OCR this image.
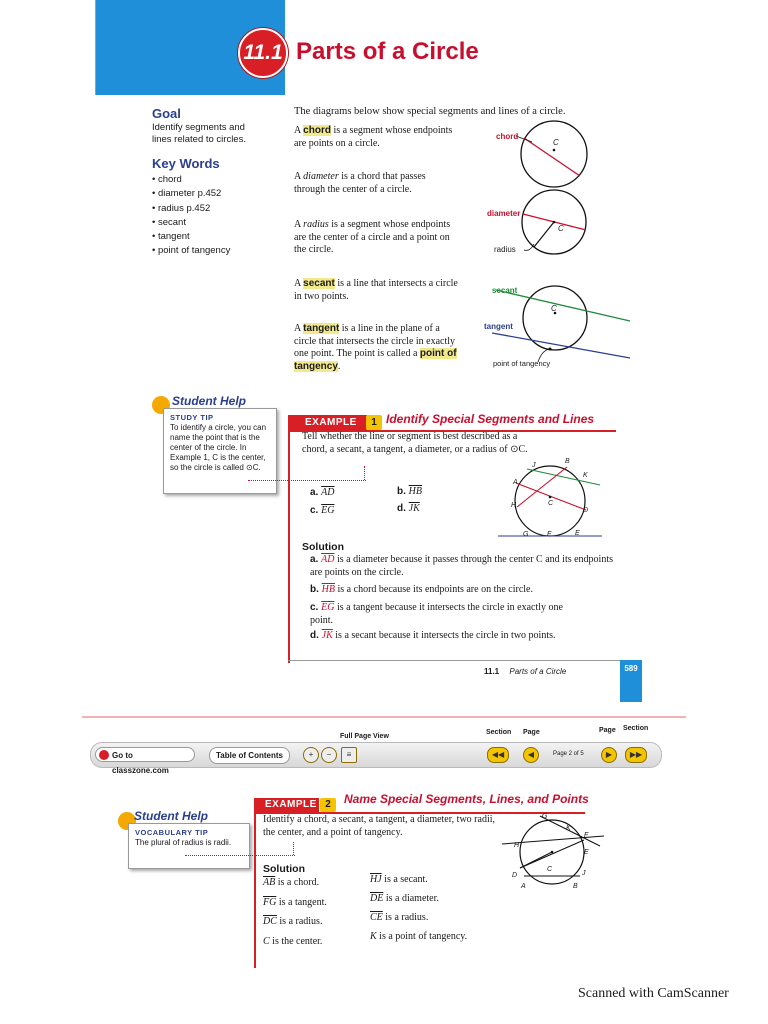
11.1 Parts of a Circle
Goal
Identify segments and lines related to circles.
Key Words
• chord
• diameter p.452
• radius p.452
• secant
• tangent
• point of tangency
The diagrams below show special segments and lines of a circle.
A chord is a segment whose endpoints are points on a circle.
A diameter is a chord that passes through the center of a circle.
A radius is a segment whose endpoints are the center of a circle and a point on the circle.
A secant is a line that intersects a circle in two points.
A tangent is a line in the plane of a circle that intersects the circle in exactly one point. The point is called a point of tangency.
chord
C
diameter
C
radius
secant
C
tangent
point of tangency
Student Help
STUDY TIP
To identify a circle, you can name the point that is the center of the circle. In Example 1, C is the center, so the circle is called ⊙C.
EXAMPLE	1 Identify Special Segments and Lines
Tell whether the line or segment is best described as a chord, a secant, a tangent, a diameter, or a radius of ⊙C.
a. $\overline{AD}$	b. $\overline{HB}$
c. $\overline{EG}$	d. $\overline{JK}$
J
B
K
A
H	C
D
G	F	E
Solution
a. $\overline{AD}$ is a diameter because it passes through the center C and its endpoints are points on the circle.
b. $\overline{HB}$ is a chord because its endpoints are on the circle.
c. $\overline{EG}$ is a tangent because it intersects the circle in exactly one point.
d. $\overline{JK}$ is a secant because it intersects the circle in two points.
11.1 Parts of a Circle	589
Full Page View
Go to classzone.com
Table of Contents	+	−	≡
Section Page
◀◀	◀	Page 2 of 5
Page Section
▶	▶▶
Student Help
VOCABULARY TIP
The plural of radius is radii.
EXAMPLE 2	Name Special Segments, Lines, and Points
Identify a chord, a secant, a tangent, a diameter, two radii, the center, and a point of tangency.
Solution
$\overline{AB}$ is a chord.
$\overline{FG}$ is a tangent.
$\overline{DC}$ is a radius.
C is the center.
$\overline{HJ}$ is a secant.
$\overline{DE}$ is a diameter.
$\overline{CE}$ is a radius.
K is a point of tangency.
G
K
F
H
E
C
D	J
A	B
Scanned with CamScanner
